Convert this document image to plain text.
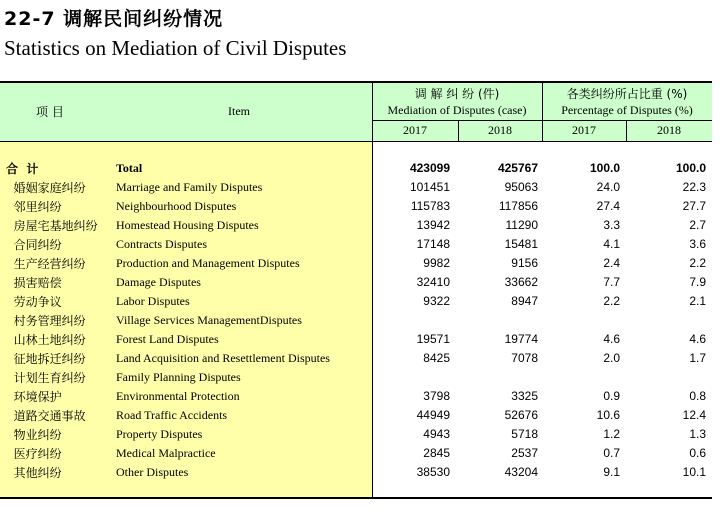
22-7 调解民间纠纷情况
Statistics on Mediation of Civil Disputes
项 目	Item
调 解 纠 纷 (件)
Mediation of Disputes (case)
各类纠纷所占比重 (%)
Percentage of Disputes (%)
2017	2018	2017	2018
合  计	Total	423099	425767	100.0	100.0
婚姻家庭纠纷	Marriage and Family Disputes	101451	95063	24.0	22.3
邻里纠纷	Neighbourhood Disputes	115783	117856	27.4	27.7
房屋宅基地纠纷 Homestead Housing Disputes	13942	11290	3.3	2.7
合同纠纷	Contracts Disputes	17148	15481	4.1	3.6
生产经营纠纷	Production and Management Disputes	9982	9156	2.4	2.2
损害赔偿	Damage Disputes	32410	33662	7.7	7.9
劳动争议	Labor Disputes	9322	8947	2.2	2.1
村务管理纠纷	Village Services ManagementDisputes
山林土地纠纷	Forest Land Disputes	19571	19774	4.6	4.6
征地拆迁纠纷	Land Acquisition and Resettlement Disputes	8425	7078	2.0	1.7
计划生育纠纷	Family Planning Disputes
环境保护	Environmental Protection	3798	3325	0.9	0.8
道路交通事故	Road Traffic Accidents	44949	52676	10.6	12.4
物业纠纷	Property Disputes	4943	5718	1.2	1.3
医疗纠纷	Medical Malpractice	2845	2537	0.7	0.6
其他纠纷	Other Disputes	38530	43204	9.1	10.1
